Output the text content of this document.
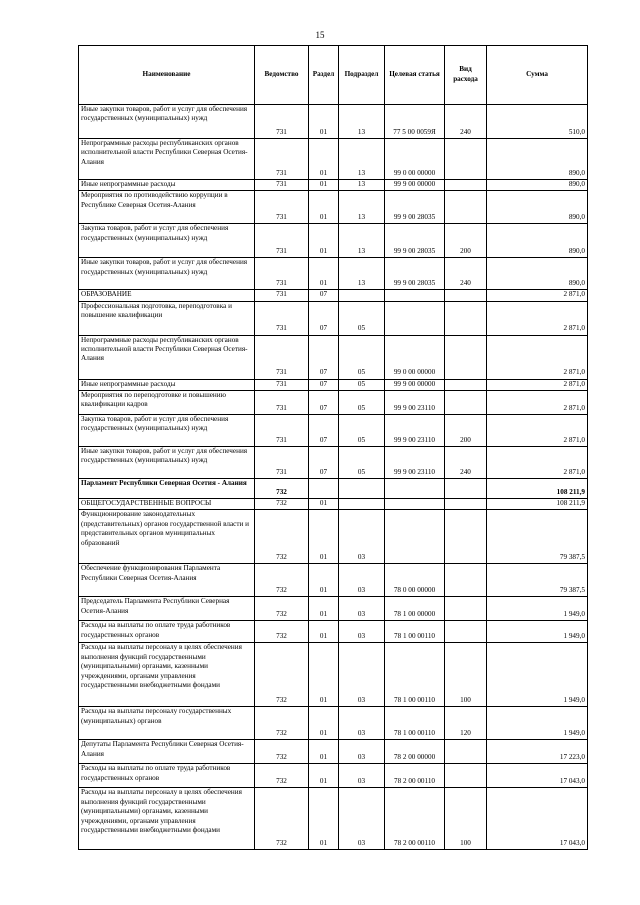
15
Наименование	Ведомство	Раздел	Подраздел	Целевая статья	Вид расхода	Сумма
Иные закупки товаров, работ и услуг для обеспечения государственных (муниципальных) нужд	731	01	13	77 5 00 0059Я	240	510,0
Непрограммные расходы республиканских органов исполнительной власти Республики Северная Осетия-Алания	731	01	13	99 0 00 00000		890,0
Иные непрограммные расходы	731	01	13	99 9 00 00000		890,0
Мероприятия по противодействию коррупции в Республике Северная Осетия-Алания	731	01	13	99 9 00 28035		890,0
Закупка товаров, работ и услуг для обеспечения государственных (муниципальных) нужд	731	01	13	99 9 00 28035	200	890,0
Иные закупки товаров, работ и услуг для обеспечения государственных (муниципальных) нужд	731	01	13	99 9 00 28035	240	890,0
ОБРАЗОВАНИЕ	731	07				2 871,0
Профессиональная подготовка, переподготовка и повышение квалификации	731	07	05			2 871,0
Непрограммные расходы республиканских органов исполнительной власти Республики Северная Осетия-Алания	731	07	05	99 0 00 00000		2 871,0
Иные непрограммные расходы	731	07	05	99 9 00 00000		2 871,0
Мероприятия по переподготовке и повышению квалификации кадров	731	07	05	99 9 00 23110		2 871,0
Закупка товаров, работ и услуг для обеспечения государственных (муниципальных) нужд	731	07	05	99 9 00 23110	200	2 871,0
Иные закупки товаров, работ и услуг для обеспечения государственных (муниципальных) нужд	731	07	05	99 9 00 23110	240	2 871,0
Парламент Республики Северная Осетия - Алания	732					108 211,9
ОБЩЕГОСУДАРСТВЕННЫЕ ВОПРОСЫ	732	01				108 211,9
Функционирование законодательных (представительных) органов государственной власти и представительных органов муниципальных образований	732	01	03			79 387,5
Обеспечение функционирования Парламента Республики Северная Осетия-Алания	732	01	03	78 0 00 00000		79 387,5
Председатель Парламента Республики Северная Осетия-Алания	732	01	03	78 1 00 00000		1 949,0
Расходы на выплаты по оплате труда работников государственных органов	732	01	03	78 1 00 00110		1 949,0
Расходы на выплаты персоналу в целях обеспечения выполнения функций государственными (муниципальными) органами, казенными учреждениями, органами управления государственными внебюджетными фондами	732	01	03	78 1 00 00110	100	1 949,0
Расходы на выплаты персоналу государственных (муниципальных) органов	732	01	03	78 1 00 00110	120	1 949,0
Депутаты Парламента Республики Северная Осетия-Алания	732	01	03	78 2 00 00000		17 223,0
Расходы на выплаты по оплате труда работников государственных органов	732	01	03	78 2 00 00110		17 043,0
Расходы на выплаты персоналу в целях обеспечения выполнения функций государственными (муниципальными) органами, казенными учреждениями, органами управления государственными внебюджетными фондами	732	01	03	78 2 00 00110	100	17 043,0
